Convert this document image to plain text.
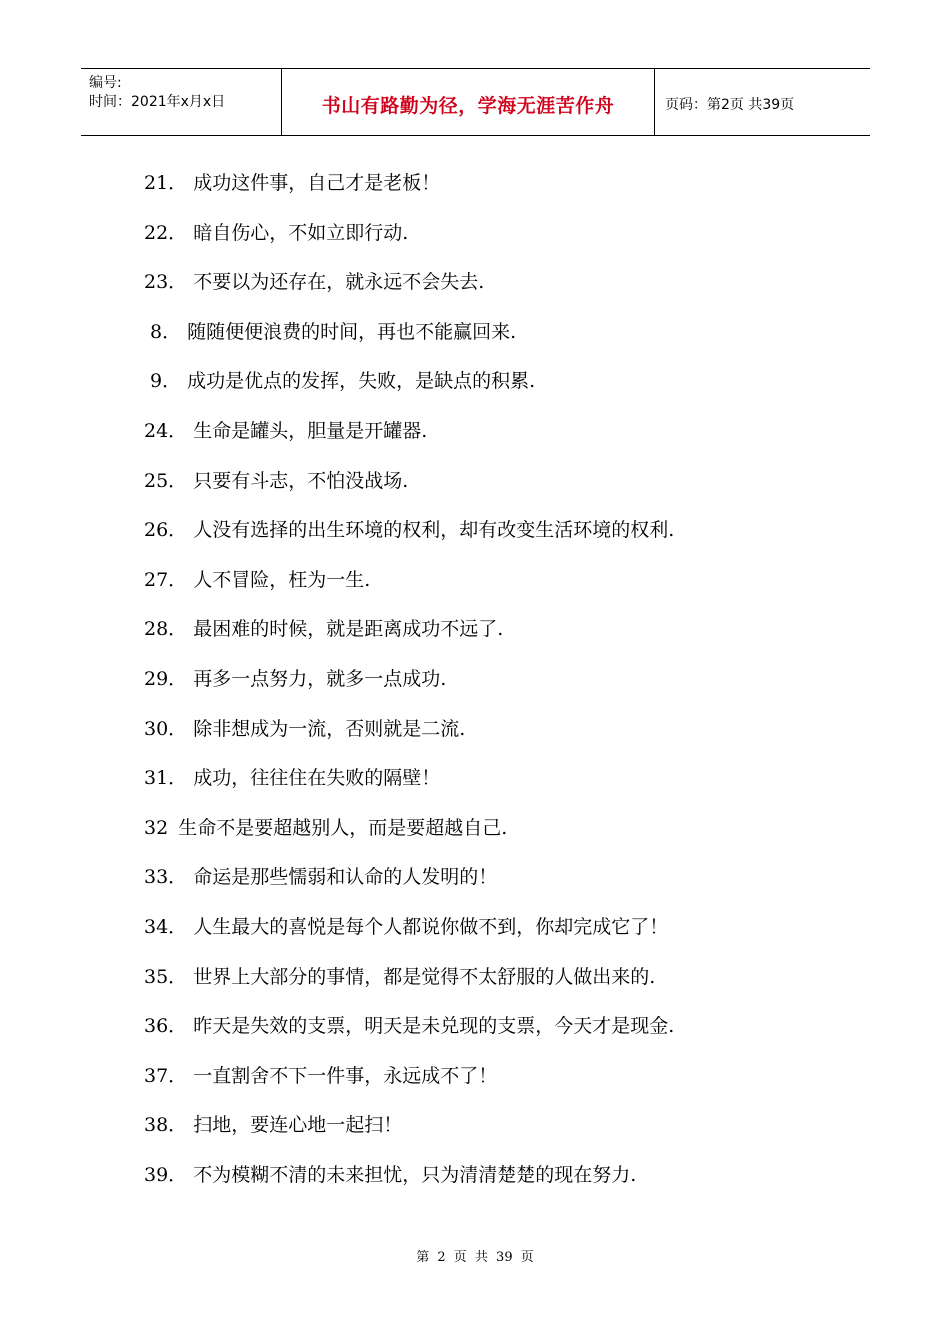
编号:
时间：2021年x月x日	书山有路勤为径，学海无涯苦作舟	页码：第2页 共39页
21． 成功这件事，自己才是老板！
22． 暗自伤心，不如立即行动.
23． 不要以为还存在，就永远不会失去.
8． 随随便便浪费的时间，再也不能赢回来.
9． 成功是优点的发挥，失败，是缺点的积累.
24． 生命是罐头，胆量是开罐器.
25． 只要有斗志，不怕没战场.
26． 人没有选择的出生环境的权利，却有改变生活环境的权利.
27． 人不冒险，枉为一生.
28． 最困难的时候，就是距离成功不远了.
29． 再多一点努力，就多一点成功.
30． 除非想成为一流，否则就是二流.
31． 成功，往往住在失败的隔壁！
32 生命不是要超越别人，而是要超越自己.
33． 命运是那些懦弱和认命的人发明的！
34． 人生最大的喜悦是每个人都说你做不到，你却完成它了！
35． 世界上大部分的事情，都是觉得不太舒服的人做出来的.
36． 昨天是失效的支票，明天是未兑现的支票，今天才是现金.
37． 一直割舍不下一件事，永远成不了！
38． 扫地，要连心地一起扫！
39． 不为模糊不清的未来担忧，只为清清楚楚的现在努力.
第 2 页 共 39 页
